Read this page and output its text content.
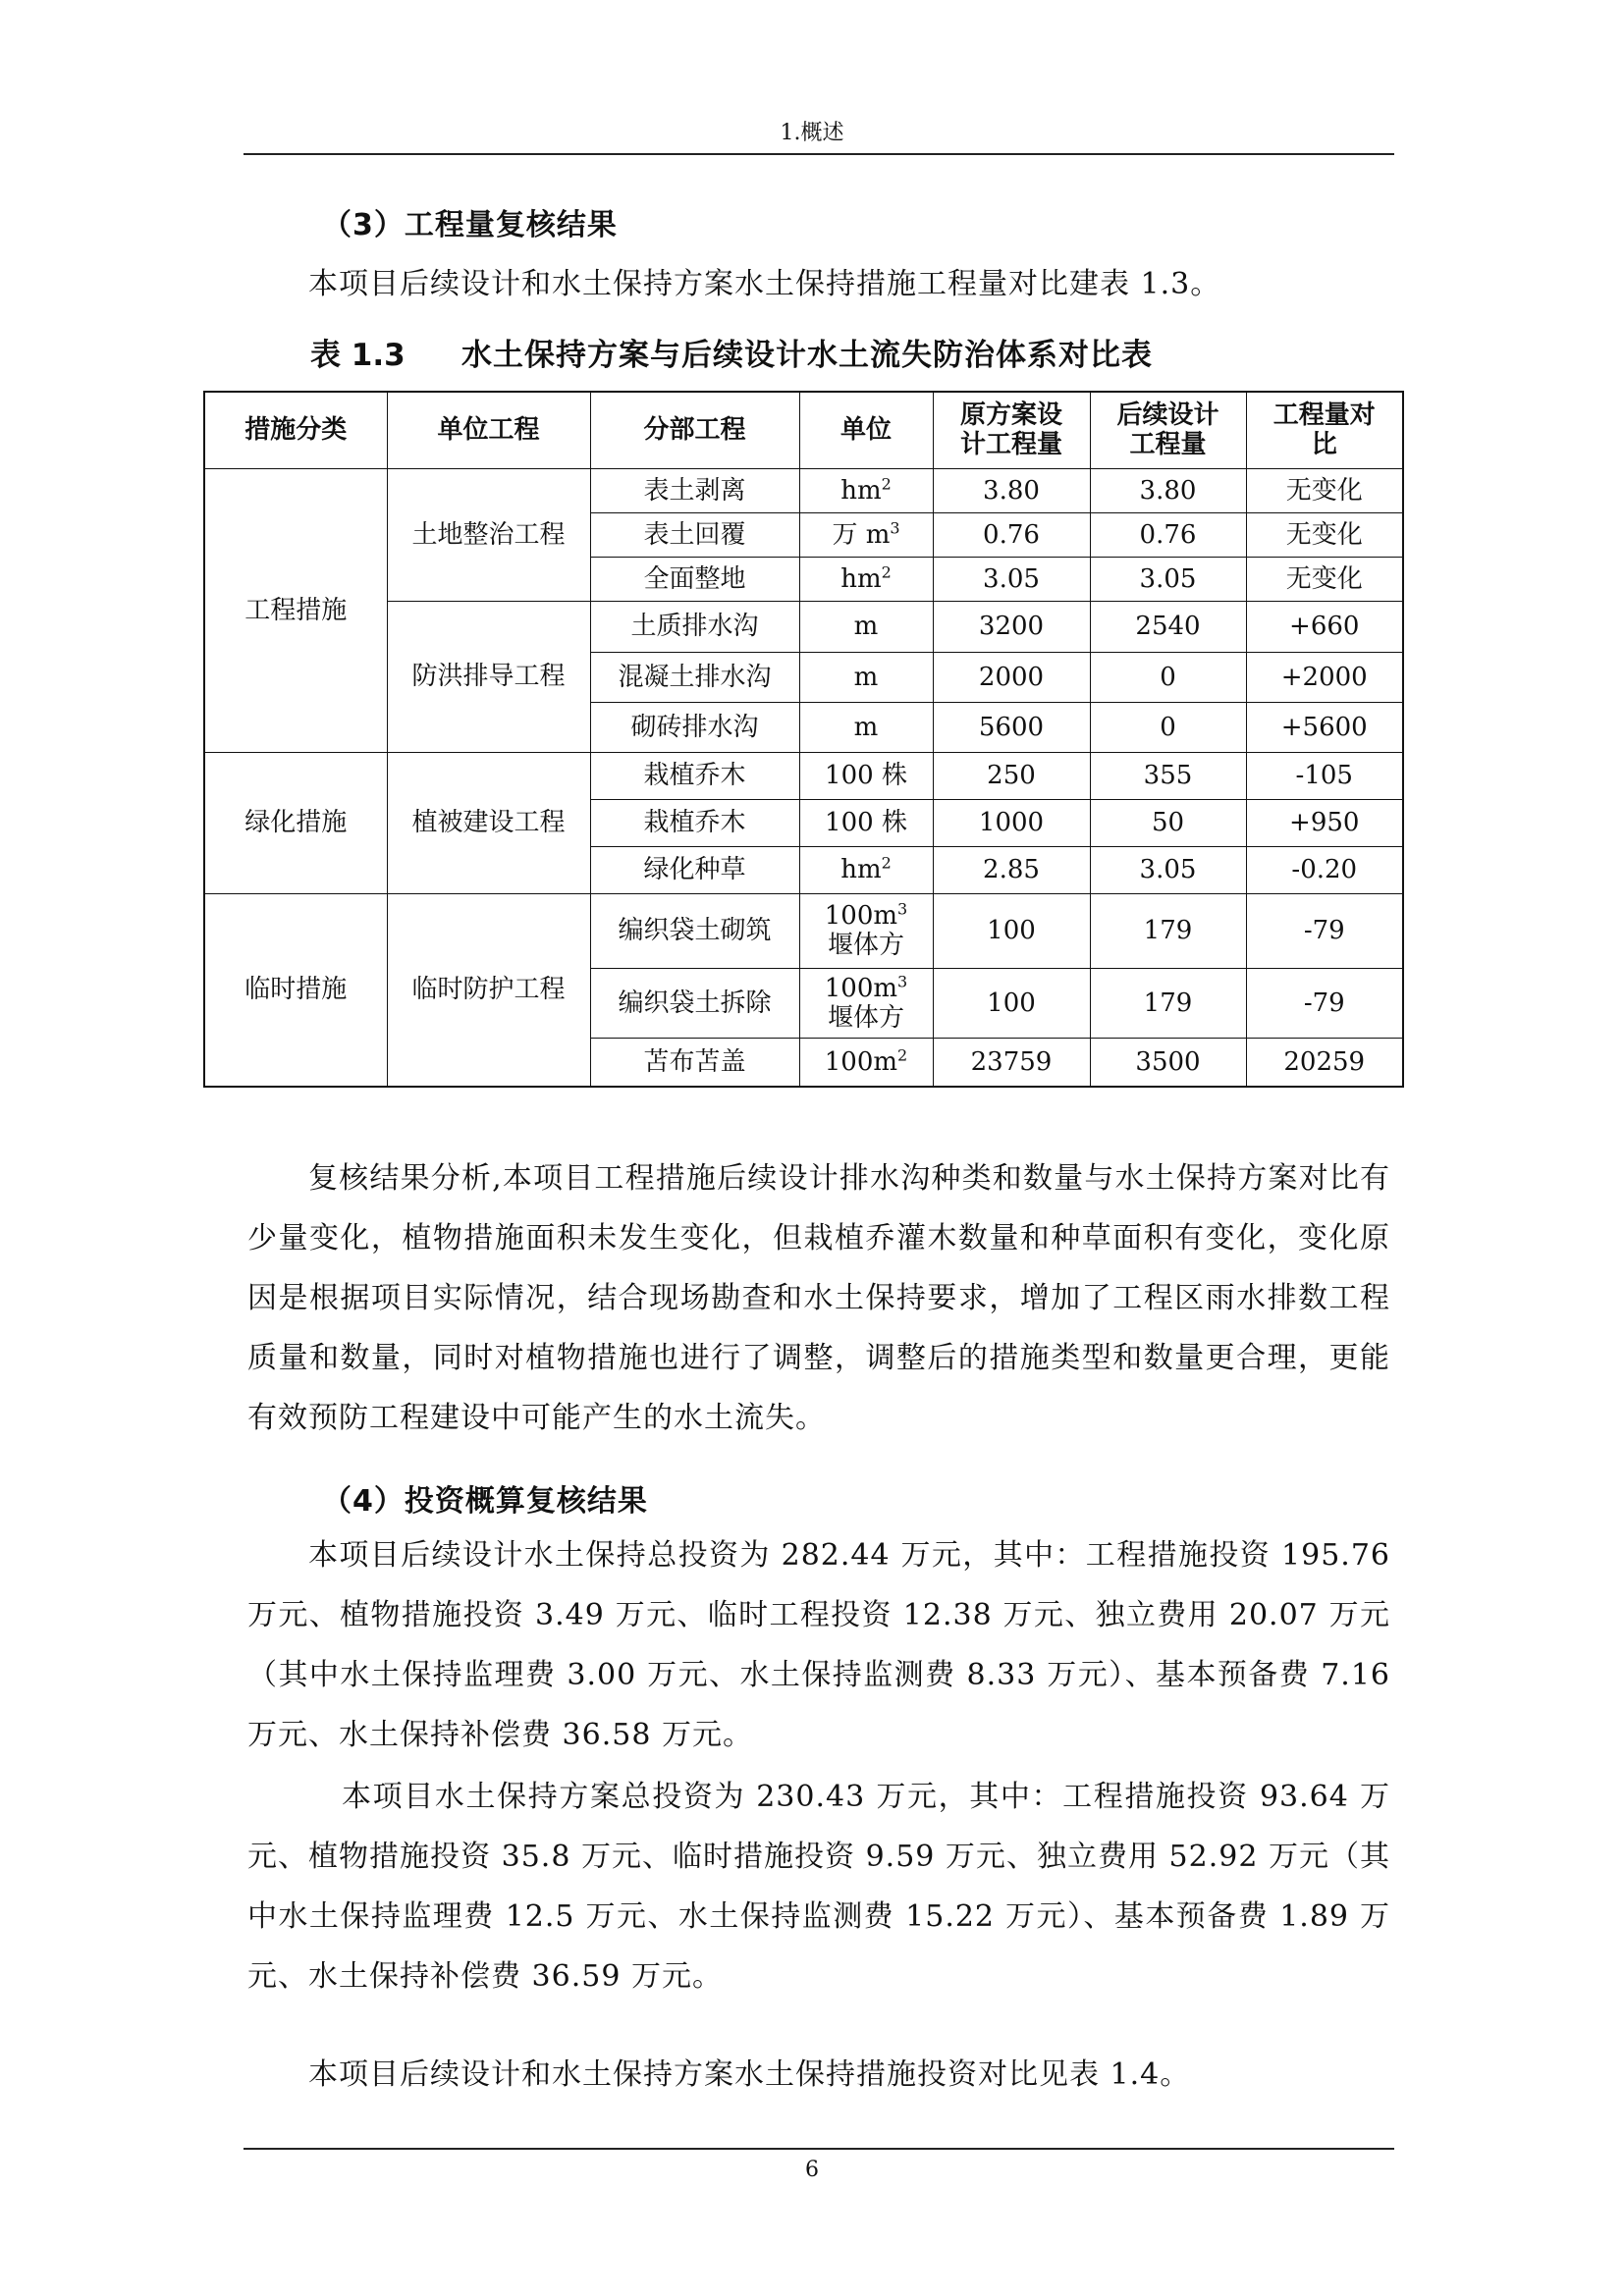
1.概述
（3）工程量复核结果

本项目后续设计和水土保持方案水土保持措施工程量对比建表 1.3。

表 1.3 水土保持方案与后续设计水土流失防治体系对比表
措施分类	单位工程	分部工程	单位	原方案设计工程量	后续设计工程量	工程量对比
工程措施	土地整治工程	表土剥离	$hm^2$	3.80	3.80	无变化
		表土回覆	万 $m^3$	0.76	0.76	无变化
		全面整地	$hm^2$	3.05	3.05	无变化
	防洪排导工程	土质排水沟	m	3200	2540	+660
		混凝土排水沟	m	2000	0	+2000
		砌砖排水沟	m	5600	0	+5600
绿化措施	植被建设工程	栽植乔木	100 株	250	355	-105
		栽植乔木	100 株	1000	50	+950
		绿化种草	$hm^2$	2.85	3.05	-0.20
临时措施	临时防护工程	编织袋土砌筑	$100m^3$
堰体方	100	179	-79
		编织袋土拆除	$100m^3$
堰体方	100	179	-79
		苫布苫盖	$100m^2$	23759	3500	20259

复核结果分析,本项目工程措施后续设计排水沟种类和数量与水土保持方案对比有少量变化，植物措施面积未发生变化，但栽植乔灌木数量和种草面积有变化，变化原因是根据项目实际情况，结合现场勘查和水土保持要求，增加了工程区雨水排数工程质量和数量，同时对植物措施也进行了调整，调整后的措施类型和数量更合理，更能有效预防工程建设中可能产生的水土流失。

（4）投资概算复核结果

本项目后续设计水土保持总投资为 282.44 万元，其中：工程措施投资 195.76 万元、植物措施投资 3.49 万元、临时工程投资 12.38 万元、独立费用 20.07 万元（其中水土保持监理费 3.00 万元、水土保持监测费 8.33 万元）、基本预备费 7.16 万元、水土保持补偿费 36.58 万元。

本项目水土保持方案总投资为 230.43 万元，其中：工程措施投资 93.64 万元、植物措施投资 35.8 万元、临时措施投资 9.59 万元、独立费用 52.92 万元（其中水土保持监理费 12.5 万元、水土保持监测费 15.22 万元）、基本预备费 1.89 万元、水土保持补偿费 36.59 万元。

本项目后续设计和水土保持方案水土保持措施投资对比见表 1.4。

6
